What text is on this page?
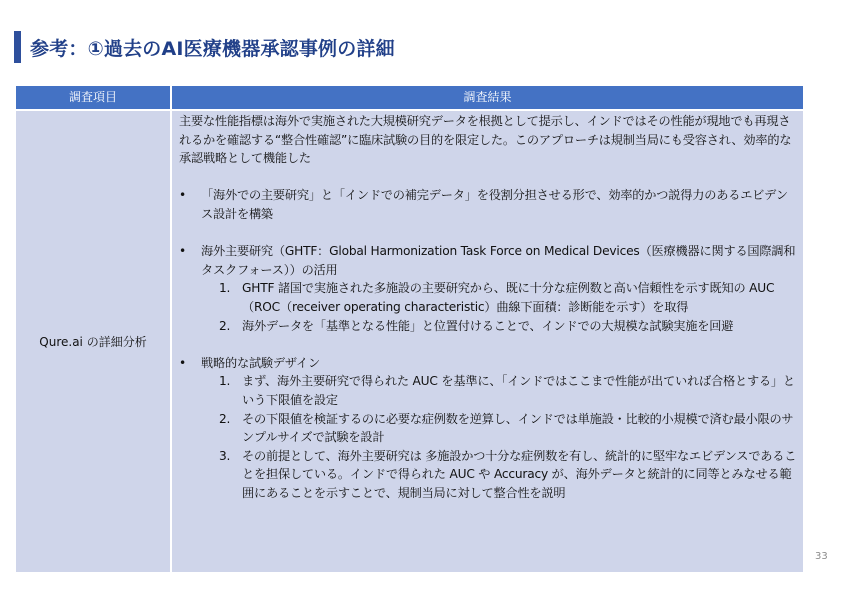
参考：①過去のAI医療機器承認事例の詳細
調査項目	調査結果
Qure.ai の詳細分析
主要な性能指標は海外で実施された大規模研究データを根拠として提示し、インドではその性能が現地でも再現されるかを確認する“整合性確認”に臨床試験の目的を限定した。このアプローチは規制当局にも受容され、効率的な承認戦略として機能した
• 「海外での主要研究」と「インドでの補完データ」を役割分担させる形で、効率的かつ説得力のあるエビデンス設計を構築
• 海外主要研究（GHTF：Global Harmonization Task Force on Medical Devices（医療機器に関する国際調和タスクフォース））の活用
1. GHTF 諸国で実施された多施設の主要研究から、既に十分な症例数と高い信頼性を示す既知の AUC（ROC（receiver operating characteristic）曲線下面積：診断能を示す）を取得
2. 海外データを「基準となる性能」と位置付けることで、インドでの大規模な試験実施を回避
• 戦略的な試験デザイン
1. まず、海外主要研究で得られた AUC を基準に、「インドではここまで性能が出ていれば合格とする」という下限値を設定
2. その下限値を検証するのに必要な症例数を逆算し、インドでは単施設・比較的小規模で済む最小限のサンプルサイズで試験を設計
3. その前提として、海外主要研究は 多施設かつ十分な症例数を有し、統計的に堅牢なエビデンスであることを担保している。インドで得られた AUC や Accuracy が、海外データと統計的に同等とみなせる範囲にあることを示すことで、規制当局に対して整合性を説明
33
